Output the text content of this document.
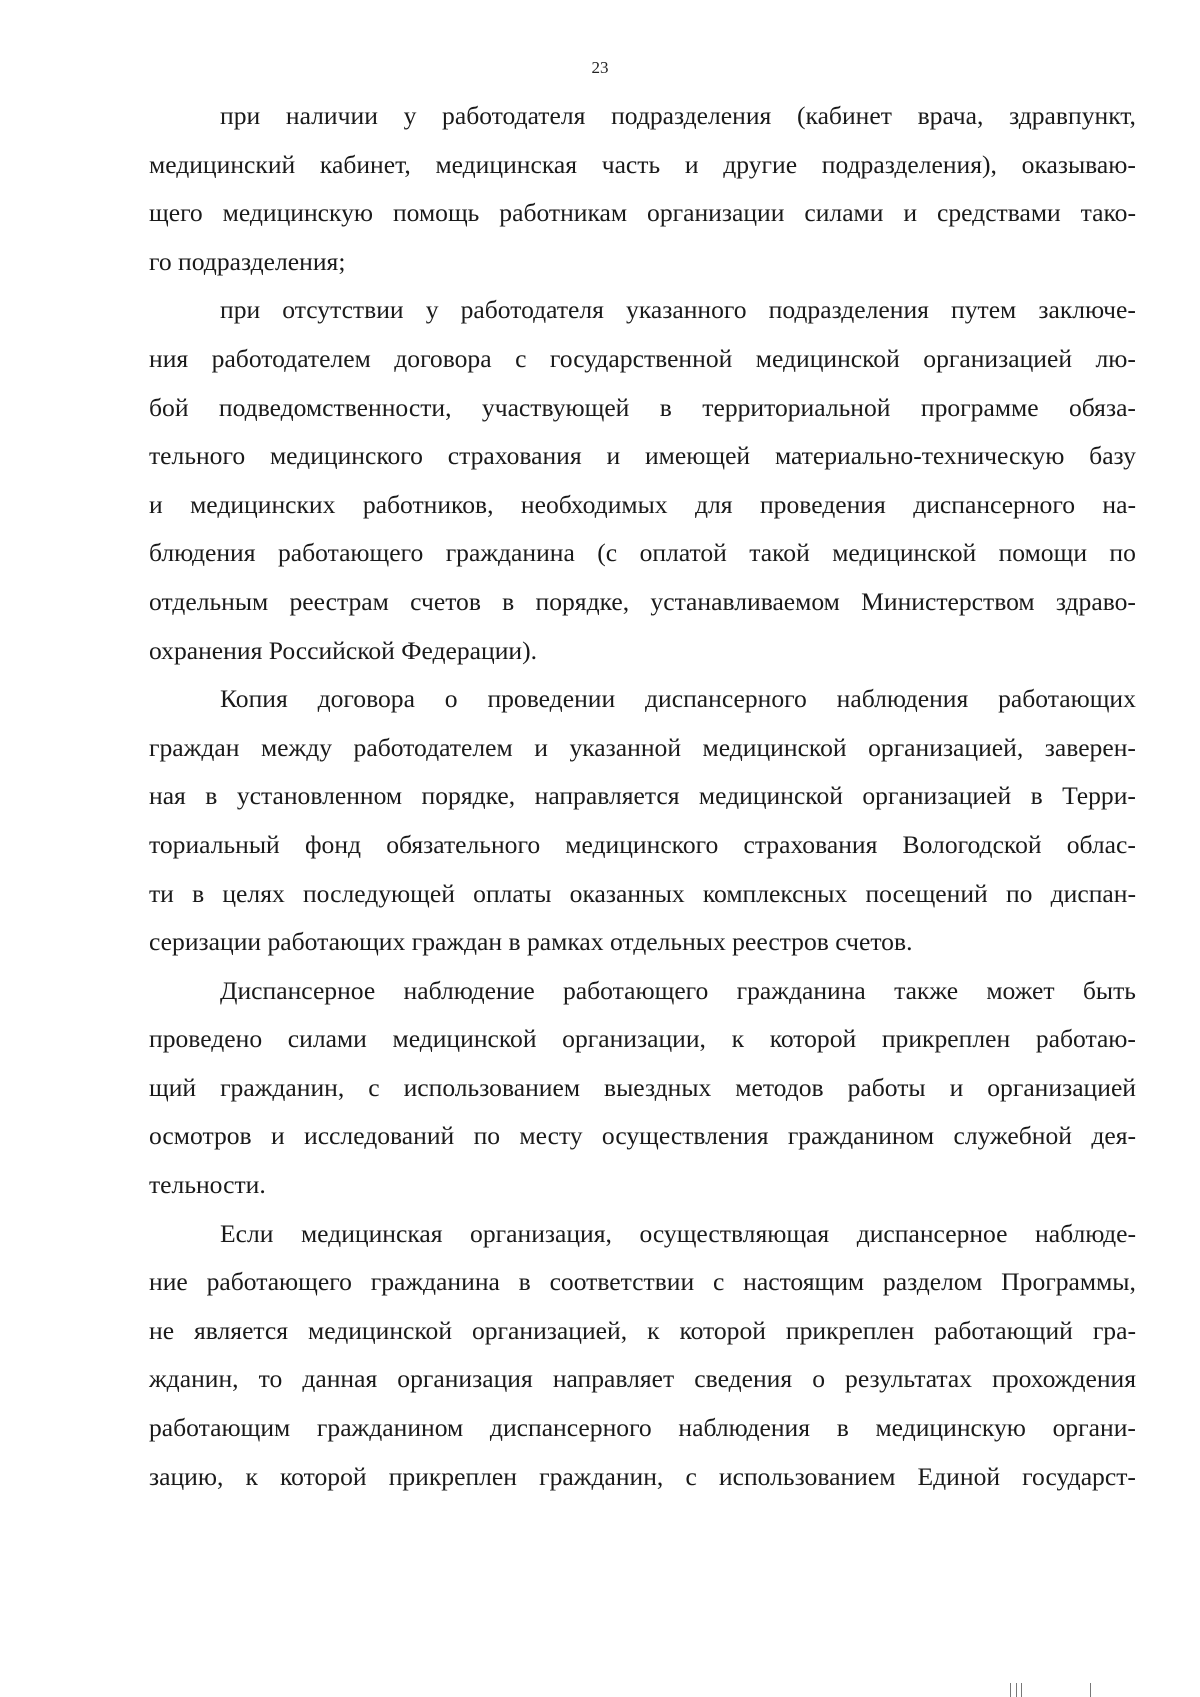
23
при наличии у работодателя подразделения (кабинет врача, здравпункт,
медицинский кабинет, медицинская часть и другие подразделения), оказываю-
щего медицинскую помощь работникам организации силами и средствами тако-
го подразделения;
при отсутствии у работодателя указанного подразделения путем заключе-
ния работодателем договора с государственной медицинской организацией лю-
бой подведомственности, участвующей в территориальной программе обяза-
тельного медицинского страхования и имеющей материально-техническую базу
и медицинских работников, необходимых для проведения диспансерного на-
блюдения работающего гражданина (с оплатой такой медицинской помощи по
отдельным реестрам счетов в порядке, устанавливаемом Министерством здраво-
охранения Российской Федерации).
Копия договора о проведении диспансерного наблюдения работающих
граждан между работодателем и указанной медицинской организацией, заверен-
ная в установленном порядке, направляется медицинской организацией в Терри-
ториальный фонд обязательного медицинского страхования Вологодской облас-
ти в целях последующей оплаты оказанных комплексных посещений по диспан-
серизации работающих граждан в рамках отдельных реестров счетов.
Диспансерное наблюдение работающего гражданина также может быть
проведено силами медицинской организации, к которой прикреплен работаю-
щий гражданин, с использованием выездных методов работы и организацией
осмотров и исследований по месту осуществления гражданином служебной дея-
тельности.
Если медицинская организация, осуществляющая диспансерное наблюде-
ние работающего гражданина в соответствии с настоящим разделом Программы,
не является медицинской организацией, к которой прикреплен работающий гра-
жданин, то данная организация направляет сведения о результатах прохождения
работающим гражданином диспансерного наблюдения в медицинскую органи-
зацию, к которой прикреплен гражданин, с использованием Единой государст-
